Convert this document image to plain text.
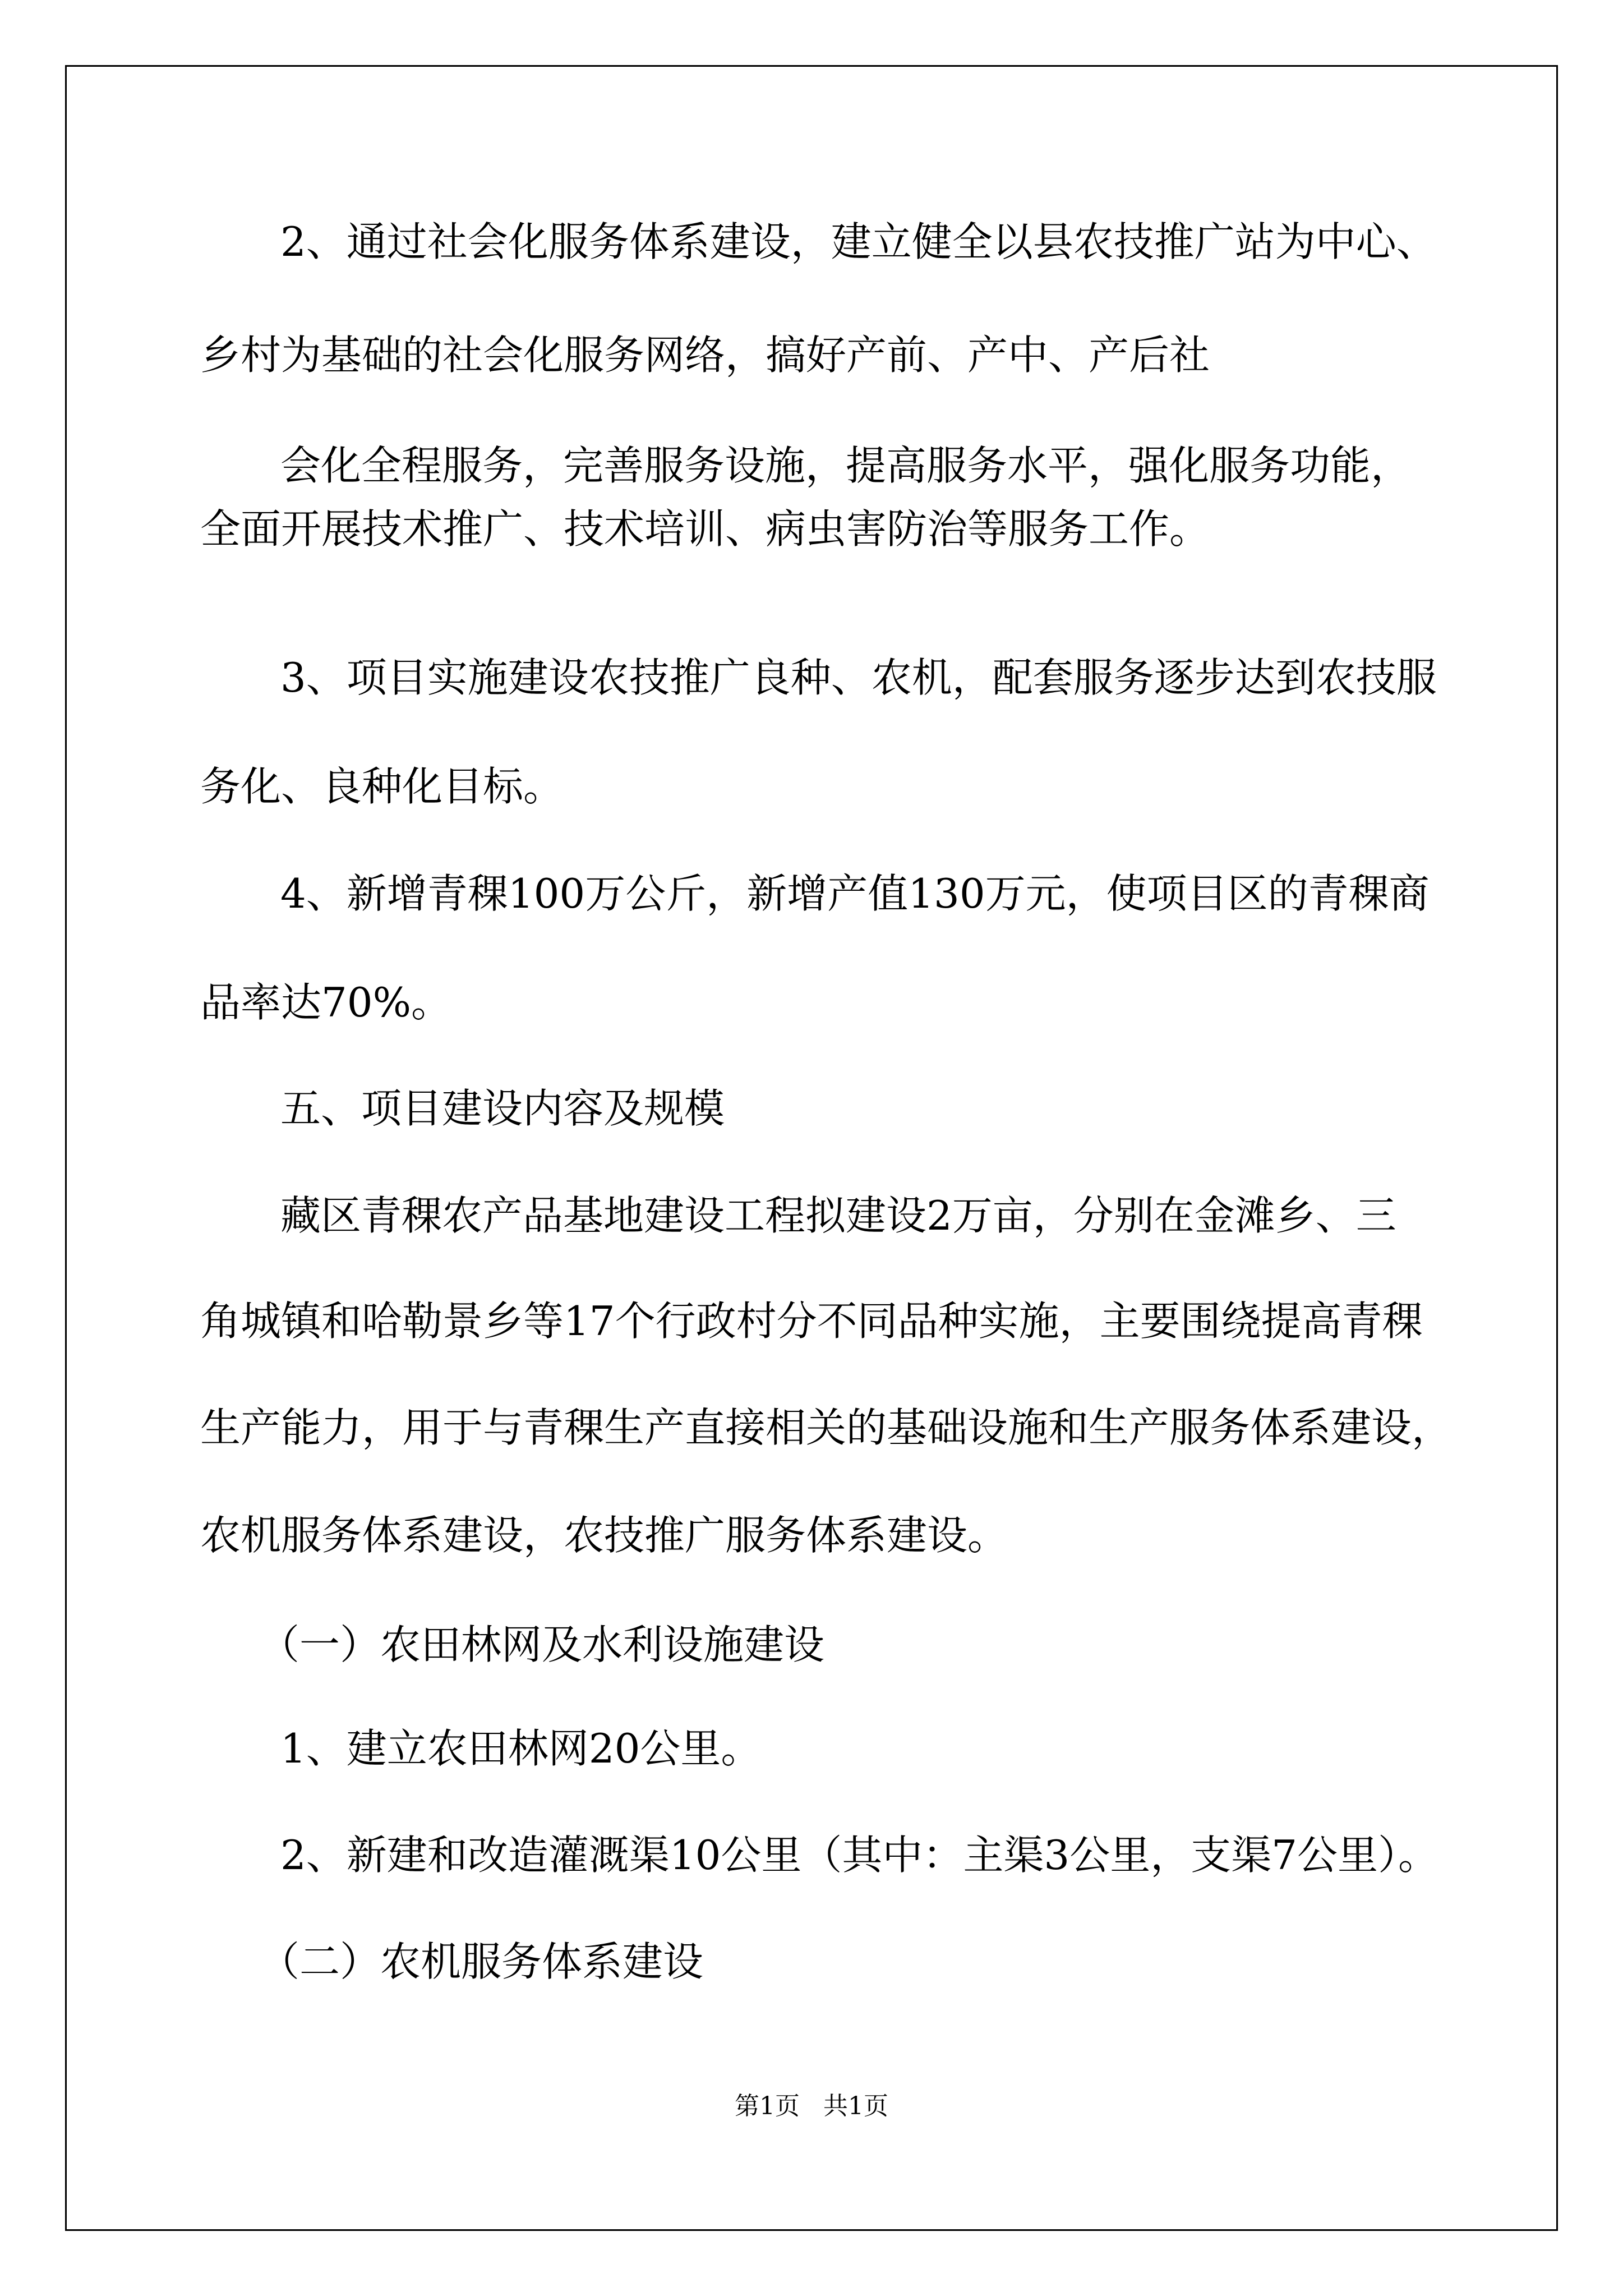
2、通过社会化服务体系建设，建立健全以县农技推广站为中心、

乡村为基础的社会化服务网络，搞好产前、产中、产后社

会化全程服务，完善服务设施，提高服务水平，强化服务功能，

全面开展技术推广、技术培训、病虫害防治等服务工作。

3、项目实施建设农技推广良种、农机，配套服务逐步达到农技服

务化、良种化目标。

4、新增青稞100万公斤，新增产值130万元，使项目区的青稞商

品率达70%。

五、项目建设内容及规模

藏区青稞农产品基地建设工程拟建设2万亩，分别在金滩乡、三

角城镇和哈勒景乡等17个行政村分不同品种实施，主要围绕提高青稞

生产能力，用于与青稞生产直接相关的基础设施和生产服务体系建设，

农机服务体系建设，农技推广服务体系建设。

（一）农田林网及水利设施建设

1、建立农田林网20公里。

2、新建和改造灌溉渠10公里（其中：主渠3公里，支渠7公里）。

（二）农机服务体系建设

第1页   共1页
